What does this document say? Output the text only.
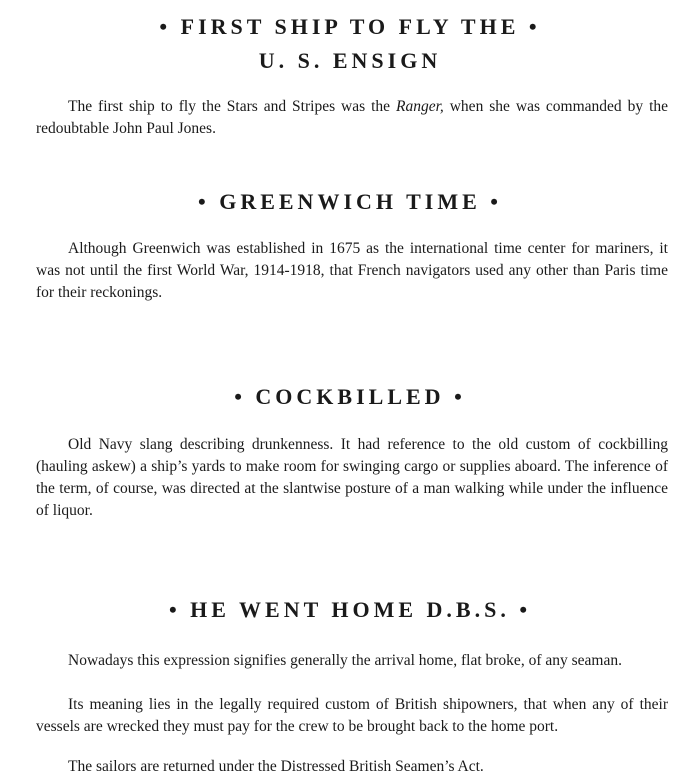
• FIRST SHIP TO FLY THE •
U. S. ENSIGN

The first ship to fly the Stars and Stripes was the Ranger, when she was commanded by the redoubtable John Paul Jones.

• GREENWICH TIME •

Although Greenwich was established in 1675 as the international time center for mariners, it was not until the first World War, 1914-1918, that French navigators used any other than Paris time for their reckonings.

• COCKBILLED •

Old Navy slang describing drunkenness. It had reference to the old custom of cockbilling (hauling askew) a ship’s yards to make room for swinging cargo or supplies aboard. The inference of the term, of course, was directed at the slantwise posture of a man walking while under the influence of liquor.

• HE WENT HOME D.B.S. •

Nowadays this expression signifies generally the arrival home, flat broke, of any seaman.

Its meaning lies in the legally required custom of British shipowners, that when any of their vessels are wrecked they must pay for the crew to be brought back to the home port.

The sailors are returned under the Distressed British Seamen’s Act.
